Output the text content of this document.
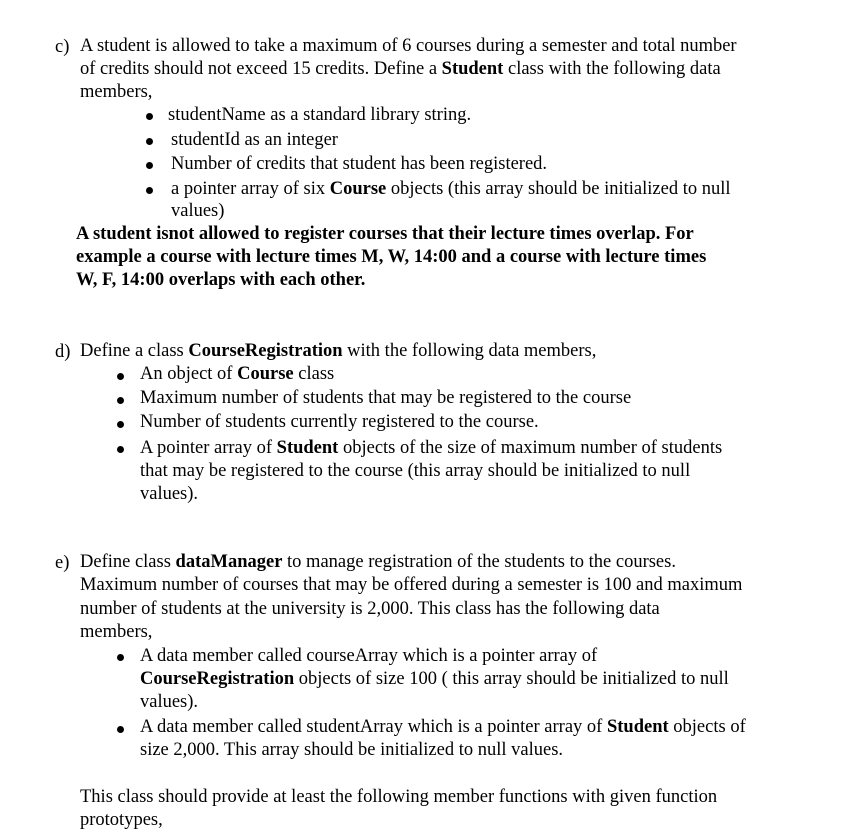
c) A student is allowed to take a maximum of 6 courses during a semester and total number
of credits should not exceed 15 credits. Define a Student class with the following data
members,
studentName as a standard library string.
studentId as an integer
Number of credits that student has been registered.
a pointer array of six Course objects (this array should be initialized to null
values)
A student isnot allowed to register courses that their lecture times overlap. For
example a course with lecture times M, W, 14:00 and a course with lecture times
W, F, 14:00 overlaps with each other.
d) Define a class CourseRegistration with the following data members,
An object of Course class
Maximum number of students that may be registered to the course
Number of students currently registered to the course.
A pointer array of Student objects of the size of maximum number of students
that may be registered to the course (this array should be initialized to null
values).
e) Define class dataManager to manage registration of the students to the courses.
Maximum number of courses that may be offered during a semester is 100 and maximum
number of students at the university is 2,000. This class has the following data
members,
A data member called courseArray which is a pointer array of
CourseRegistration objects of size 100 ( this array should be initialized to null
values).
A data member called studentArray which is a pointer array of Student objects of
size 2,000. This array should be initialized to null values.
This class should provide at least the following member functions with given function
prototypes,
